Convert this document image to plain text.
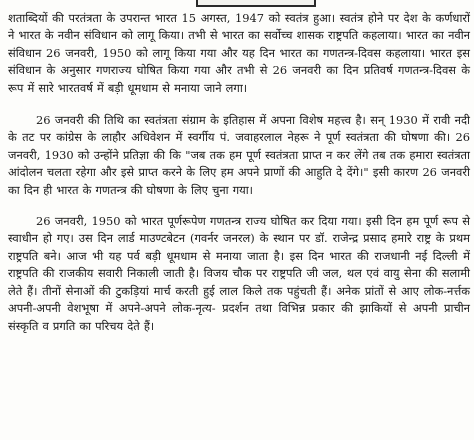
शताब्दियों की परतंत्रता के उपरान्त भारत 15 अगस्त, 1947 को स्वतंत्र हुआ। स्वतंत्र होने पर देश के कर्णधारों ने भारत के नवीन संविधान को लागू किया। तभी से भारत का सर्वोच्च शासक राष्ट्रपति कहलाया। भारत का नवीन संविधान 26 जनवरी, 1950 को लागू किया गया और यह दिन भारत का गणतन्त्र-दिवस कहलाया। भारत इस संविधान के अनुसार गणराज्य घोषित किया गया और तभी से 26 जनवरी का दिन प्रतिवर्ष गणतन्त्र-दिवस के रूप में सारे भारतवर्ष में बड़ी धूमधाम से मनाया जाने लगा।

26 जनवरी की तिथि का स्वतंत्रता संग्राम के इतिहास में अपना विशेष महत्त्व है। सन् 1930 में रावी नदी के तट पर कांग्रेस के लाहौर अधिवेशन में स्वर्गीय पं. जवाहरलाल नेहरू ने पूर्ण स्वतंत्रता की घोषणा की। 26 जनवरी, 1930 को उन्होंने प्रतिज्ञा की कि "जब तक हम पूर्ण स्वतंत्रता प्राप्त न कर लेंगे तब तक हमारा स्वतंत्रता आंदोलन चलता रहेगा और इसे प्राप्त करने के लिए हम अपने प्राणों की आहुति दे देंगे।" इसी कारण 26 जनवरी का दिन ही भारत के गणतन्त्र की घोषणा के लिए चुना गया।

26 जनवरी, 1950 को भारत पूर्णरूपेण गणतन्त्र राज्य घोषित कर दिया गया। इसी दिन हम पूर्ण रूप से स्वाधीन हो गए। उस दिन लार्ड माउण्टबेटन (गवर्नर जनरल) के स्थान पर डॉ. राजेन्द्र प्रसाद हमारे राष्ट्र के प्रथम राष्ट्रपति बने। आज भी यह पर्व बड़ी धूमधाम से मनाया जाता है। इस दिन भारत की राजधानी नई दिल्ली में राष्ट्रपति की राजकीय सवारी निकाली जाती है। विजय चौक पर राष्ट्रपति जी जल, थल एवं वायु सेना की सलामी लेते हैं। तीनों सेनाओं की टुकड़ियां मार्च करती हुई लाल किले तक पहुंचती हैं। अनेक प्रांतों से आए लोक-नर्त्तक अपनी-अपनी वेशभूषा में अपने-अपने लोक-नृत्य- प्रदर्शन तथा विभिन्न प्रकार की झाकियों से अपनी प्राचीन संस्कृति व प्रगति का परिचय देते हैं।
